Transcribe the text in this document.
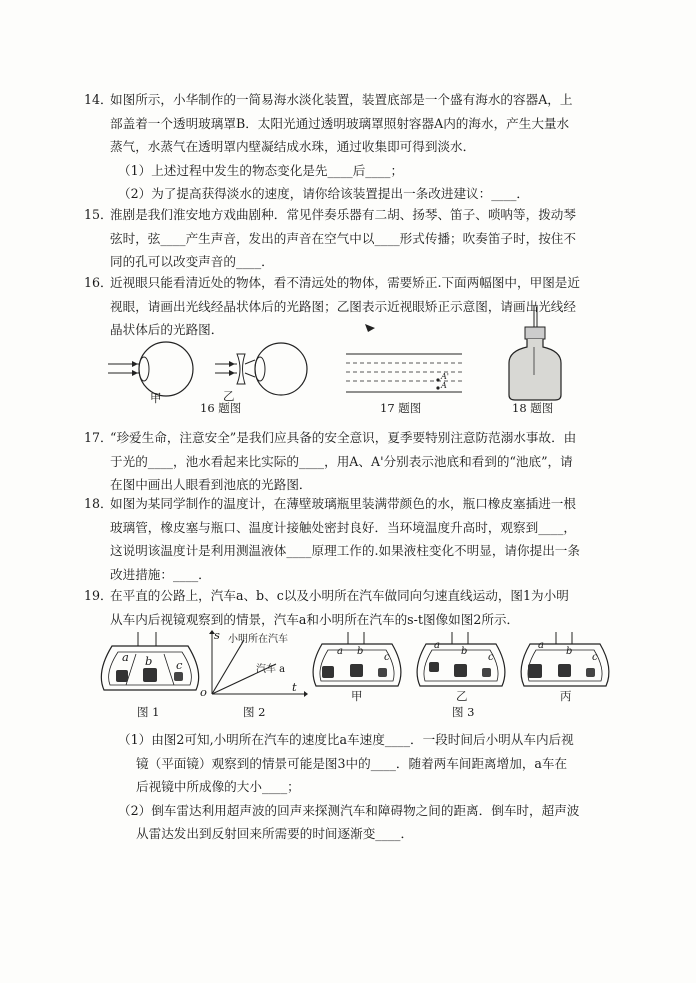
14．如图所示，小华制作的一简易海水淡化装置，装置底部是一个盛有海水的容器A，上
部盖着一个透明玻璃罩B．太阳光通过透明玻璃罩照射容器A内的海水，产生大量水
蒸气，水蒸气在透明罩内壁凝结成水珠，通过收集即可得到淡水．
（1）上述过程中发生的物态变化是先____后____；
（2）为了提高获得淡水的速度，请你给该装置提出一条改进建议：____．
15．淮剧是我们淮安地方戏曲剧种．常见伴奏乐器有二胡、扬琴、笛子、唢呐等，拨动琴
弦时，弦____产生声音，发出的声音在空气中以____形式传播；吹奏笛子时，按住不
同的孔可以改变声音的____．
16．近视眼只能看清近处的物体，看不清远处的物体，需要矫正.下面两幅图中，甲图是近
视眼，请画出光线经晶状体后的光路图；乙图表示近视眼矫正示意图，请画出光线经
晶状体后的光路图．
甲	乙
16 题图
A'
A
17 题图	18 题图
17．“珍爱生命，注意安全”是我们应具备的安全意识，夏季要特别注意防范溺水事故．由
于光的____，池水看起来比实际的____，用A、A'分别表示池底和看到的“池底”，请
在图中画出人眼看到池底的光路图．
18．如图为某同学制作的温度计，在薄壁玻璃瓶里装满带颜色的水，瓶口橡皮塞插进一根
玻璃管，橡皮塞与瓶口、温度计接触处密封良好．当环境温度升高时，观察到____，
这说明该温度计是利用测温液体____原理工作的.如果液柱变化不明显，请你提出一条
改进措施：____．
19．在平直的公路上，汽车a、b、c以及小明所在汽车做同向匀速直线运动，图1为小明
从车内后视镜观察到的情景，汽车a和小明所在汽车的s-t图像如图2所示．
a b c
图 1
s
t
o
小明所在汽车
汽车 a
图 2
a b
c
甲
a
b
c
乙
a
b
c
丙
图 3
（1）由图2可知,小明所在汽车的速度比a车速度____．一段时间后小明从车内后视
镜（平面镜）观察到的情景可能是图3中的____．随着两车间距离增加，a车在
后视镜中所成像的大小____；
（2）倒车雷达利用超声波的回声来探测汽车和障碍物之间的距离．倒车时，超声波
从雷达发出到反射回来所需要的时间逐渐变____．
